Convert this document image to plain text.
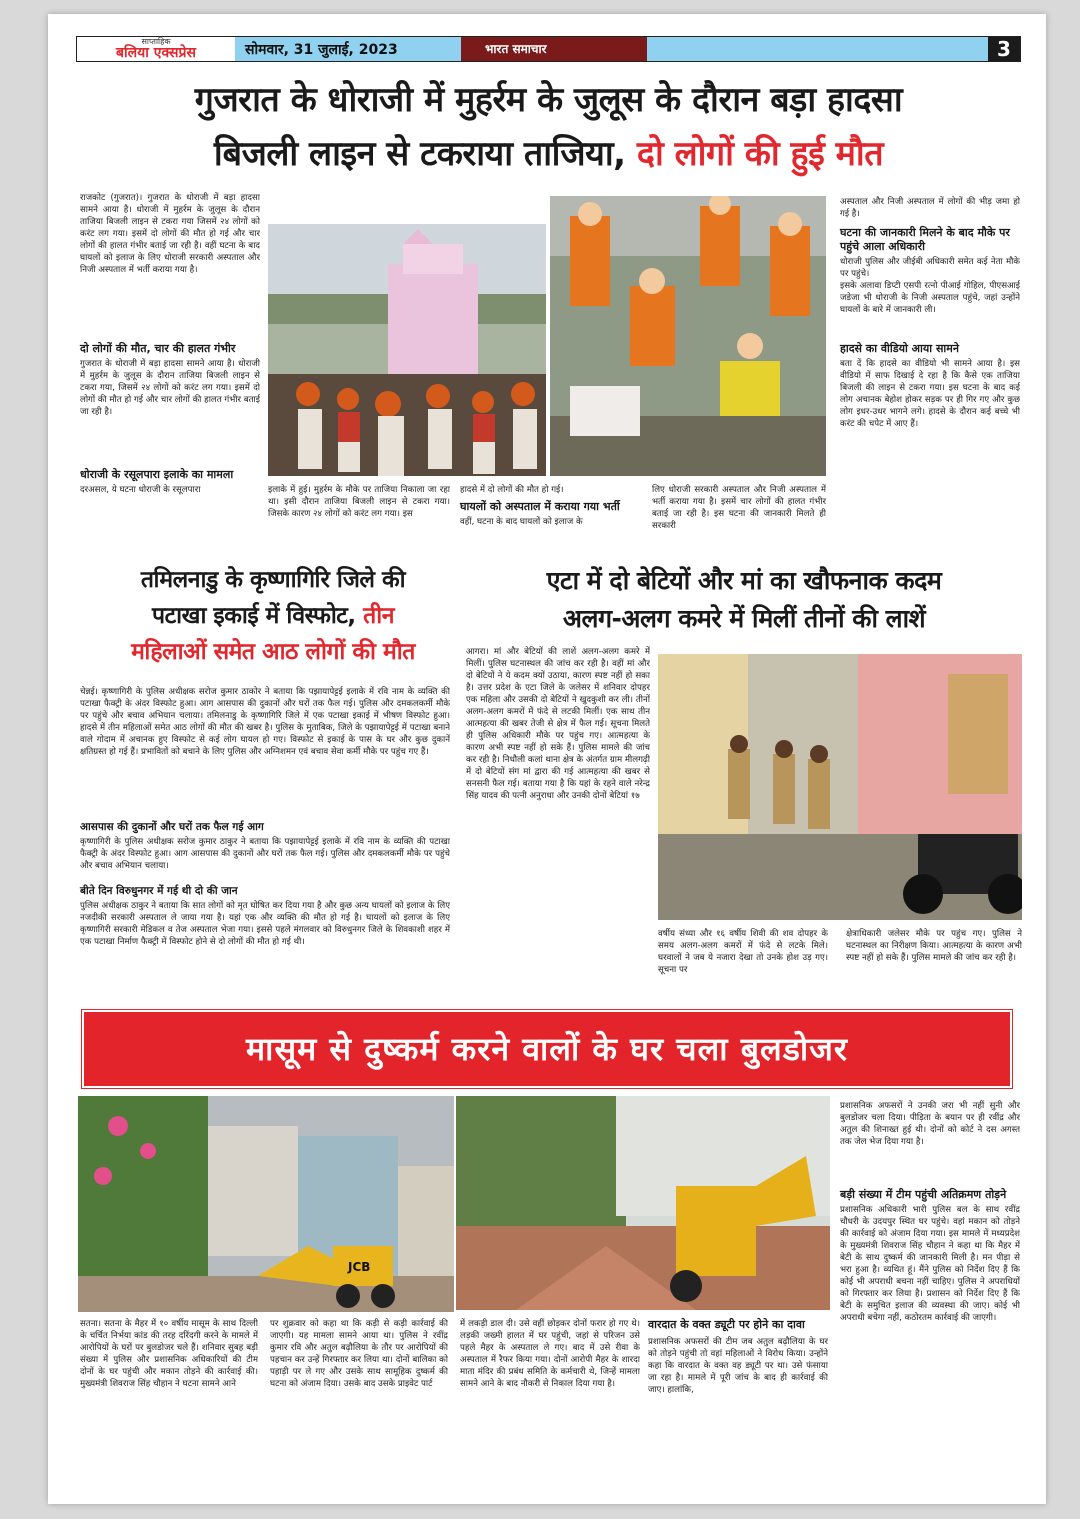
साप्ताहिक
बलिया एक्सप्रेस	सोमवार, 31 जुलाई, 2023	भारत समाचार	3
गुजरात के धोराजी में मुहर्रम के जुलूस के दौरान बड़ा हादसा
बिजली लाइन से टकराया ताजिया, दो लोगों की हुई मौत
राजकोट (गुजरात)। गुजरात के धोराजी में बड़ा हादसा सामने आया है। धोराजी में मुहर्रम के जुलूस के दौरान ताजिया बिजली लाइन से टकरा गया जिसमें २४ लोगों को करंट लग गया। इसमें दो लोगों की मौत हो गई और चार लोगों की हालत गंभीर बताई जा रही है। वहीं घटना के बाद घायलों को इलाज के लिए धोराजी सरकारी अस्पताल और निजी अस्पताल में भर्ती कराया गया है।
दो लोगों की मौत, चार की हालत गंभीर
गुजरात के धोराजी में बड़ा हादसा सामने आया है। धोराजी में मुहर्रम के जुलूस के दौरान ताजिया बिजली लाइन से टकरा गया, जिसमें २४ लोगों को करंट लग गया। इसमें दो लोगों की मौत हो गई और चार लोगों की हालत गंभीर बताई जा रही है।
धोराजी के रसूलपारा इलाके का मामला
दरअसल, ये घटना धोराजी के रसूलपारा	इलाके में हुई। मुहर्रम के मौके पर ताजिया निकाला जा रहा था। इसी दौरान ताजिया बिजली लाइन से टकरा गया। जिसके कारण २४ लोगों को करंट लग गया। इस
हादसे में दो लोगों की मौत हो गई।
घायलों को अस्पताल में कराया गया भर्ती
वहीं, घटना के बाद घायलों को इलाज के
लिए धोराजी सरकारी अस्पताल और निजी अस्पताल में भर्ती कराया गया है। इसमें चार लोगों की हालत गंभीर बताई जा रही है। इस घटना की जानकारी मिलते ही सरकारी
अस्पताल और निजी अस्पताल में लोगों की भीड़ जमा हो गई है।
घटना की जानकारी मिलने के बाद मौके पर पहुंचे आला अधिकारी
धोराजी पुलिस और जीईबी अधिकारी समेत कई नेता मौके पर पहुंचे।
इसके अलावा डिप्टी एसपी रत्नो पीआई गोहिल, पीएसआई जडेजा भी धोराजी के निजी अस्पताल पहुंचे, जहां उन्होंने घायलों के बारे में जानकारी ली।
हादसे का वीडियो आया सामने
बता दें कि हादसे का वीडियो भी सामने आया है। इस वीडियो में साफ दिखाई दे रहा है कि कैसे एक ताजिया बिजली की लाइन से टकरा गया। इस घटना के बाद कई लोग अचानक बेहोश होकर सड़क पर ही गिर गए और कुछ लोग इधर-उधर भागने लगे। हादसे के दौरान कई बच्चे भी करंट की चपेट में आए हैं।
तमिलनाडु के कृष्णागिरि जिले की
पटाखा इकाई में विस्फोट, तीन
महिलाओं समेत आठ लोगों की मौत
चेन्नई। कृष्णागिरी के पुलिस अधीक्षक सरोज कुमार ठाकोर ने बताया कि पझायापेट्टई इलाके में रवि नाम के व्यक्ति की पटाखा फैक्ट्री के अंदर विस्फोट हुआ। आग आसपास की दुकानों और घरों तक फैल गई। पुलिस और दमकलकर्मी मौके पर पहुंचे और बचाव अभियान चलाया। तमिलनाडु के कृष्णागिरि जिले में एक पटाखा इकाई में भीषण विस्फोट हुआ। हादसे में तीन महिलाओं समेत आठ लोगों की मौत की खबर है। पुलिस के मुताबिक, जिले के पझायापेट्टई में पटाखा बनाने वाले गोदाम में अचानक हुए विस्फोट से कई लोग घायल हो गए। विस्फोट से इकाई के पास के घर और कुछ दुकानें क्षतिग्रस्त हो गई हैं। प्रभावितों को बचाने के लिए पुलिस और अग्निशमन एवं बचाव सेवा कर्मी मौके पर पहुंच गए हैं।
आसपास की दुकानों और घरों तक फैल गई आग
कृष्णागिरी के पुलिस अधीक्षक सरोज कुमार ठाकुर ने बताया कि पझायापेट्टई इलाके में रवि नाम के व्यक्ति की पटाखा फैक्ट्री के अंदर विस्फोट हुआ। आग आसपास की दुकानों और घरों तक फैल गई। पुलिस और दमकलकर्मी मौके पर पहुंचे और बचाव अभियान चलाया।
बीते दिन विरुधुनगर में गई थी दो की जान
पुलिस अधीक्षक ठाकुर ने बताया कि सात लोगों को मृत घोषित कर दिया गया है और कुछ अन्य घायलों को इलाज के लिए नजदीकी सरकारी अस्पताल ले जाया गया है। यहां एक और व्यक्ति की मौत हो गई है। घायलों को इलाज के लिए कृष्णागिरी सरकारी मेडिकल व तेज अस्पताल भेजा गया। इससे पहले मंगलवार को विरुधुनगर जिले के शिवकाशी शहर में एक पटाखा निर्माण फैक्ट्री में विस्फोट होने से दो लोगों की मौत हो गई थी।
एटा में दो बेटियों और मां का खौफनाक कदम
अलग-अलग कमरे में मिलीं तीनों की लाशें
आगरा। मां और बेटियों की लाशें अलग-अलग कमरे में मिलीं। पुलिस घटनास्थल की जांच कर रही है। वहीं मां और दो बेटियों ने ये कदम क्यों उठाया, कारण स्पष्ट नहीं हो सका है। उत्तर प्रदेश के एटा जिले के जलेसर में शनिवार दोपहर एक महिला और उसकी दो बेटियों ने खुदकुशी कर ली। तीनों अलग-अलग कमरों में फंदे से लटकी मिलीं। एक साथ तीन आत्महत्या की खबर तेजी से क्षेत्र में फैल गई। सूचना मिलते ही पुलिस अधिकारी मौके पर पहुंच गए। आत्महत्या के कारण अभी स्पष्ट नहीं हो सके हैं। पुलिस मामले की जांच कर रही है। निधौली कलां थाना क्षेत्र के अंतर्गत ग्राम मीलगढ़ी में दो बेटियों संग मां द्वारा की गई आत्महत्या की खबर से सनसनी फैल गई। बताया गया है कि यहां के रहने वाले नरेन्द्र सिंह यादव की पत्नी अनुराधा और उनकी दोनों बेटियां १७
वर्षीय संध्या और १६ वर्षीय शिवी की शव दोपहर के समय अलग-अलग कमरों में फंदे से लटके मिले। घरवालों ने जब ये नजारा देखा तो उनके होश उड़ गए। सूचना पर
क्षेत्राधिकारी जलेसर मौके पर पहुंच गए। पुलिस ने घटनास्थल का निरीक्षण किया। आत्महत्या के कारण अभी स्पष्ट नहीं हो सके हैं। पुलिस मामले की जांच कर रही है।
मासूम से दुष्कर्म करने वालों के घर चला बुलडोजर
JCB
सतना। सतना के मैहर में १० वर्षीय मासूम के साथ दिल्ली के चर्चित निर्भया कांड की तरह दरिंदगी करने के मामले में आरोपियों के घरों पर बुलडोजर चले हैं। शनिवार सुबह बड़ी संख्या में पुलिस और प्रशासनिक अधिकारियों की टीम दोनों के घर पहुंची और मकान तोड़ने की कार्रवाई की। मुख्यमंत्री शिवराज सिंह चौहान ने घटना सामने आने
पर शुक्रवार को कहा था कि कड़ी से कड़ी कार्रवाई की जाएगी। यह मामला सामने आया था। पुलिस ने रवींद्र कुमार रवि और अतुल बढ़ौलिया के तौर पर आरोपियों की पहचान कर उन्हें गिरफ्तार कर लिया था। दोनों बालिका को पहाड़ी पर ले गए और उसके साथ सामूहिक दुष्कर्म की घटना को अंजाम दिया। उसके बाद उसके प्राइवेट पार्ट
में लकड़ी डाल दी। उसे वहीं छोड़कर दोनों फरार हो गए थे। लड़की जख्मी हालत में घर पहुंची, जहां से परिजन उसे पहले मैहर के अस्पताल ले गए। बाद में उसे रीवा के अस्पताल में रैफर किया गया। दोनों आरोपी मैहर के शारदा माता मंदिर की प्रबंध समिति के कर्मचारी थे, जिन्हें मामला सामने आने के बाद नौकरी से निकाल दिया गया है।
वारदात के वक्त ड्यूटी पर होने का दावा
प्रशासनिक अफसरों की टीम जब अतुल बढ़ौलिया के घर को तोड़ने पहुंची तो वहां महिलाओं ने विरोध किया। उन्होंने कहा कि वारदात के वक्त वह ड्यूटी पर था। उसे फंसाया जा रहा है। मामले में पूरी जांच के बाद ही कार्रवाई की जाए। हालांकि,
प्रशासनिक अफसरों ने उनकी जरा भी नहीं सुनी और बुलडोजर चला दिया। पीड़िता के बयान पर ही रवींद्र और अतुल की शिनाख्त हुई थी। दोनों को कोर्ट ने दस अगस्त तक जेल भेज दिया गया है।
बड़ी संख्या में टीम पहुंची अतिक्रमण तोड़ने
प्रशासनिक अधिकारी भारी पुलिस बल के साथ रवींद्र चौधरी के उदयपुर स्थित घर पहुंचे। वहां मकान को तोड़ने की कार्रवाई को अंजाम दिया गया। इस मामले में मध्यप्रदेश के मुख्यमंत्री शिवराज सिंह चौहान ने कहा था कि मैहर में बेटी के साथ दुष्कर्म की जानकारी मिली है। मन पीड़ा से भरा हुआ है। व्यथित हूं। मैंने पुलिस को निर्देश दिए हैं कि कोई भी अपराधी बचना नहीं चाहिए। पुलिस ने अपराधियों को गिरफ्तार कर लिया है। प्रशासन को निर्देश दिए हैं कि बेटी के समुचित इलाज की व्यवस्था की जाए। कोई भी अपराधी बचेगा नहीं, कठोरतम कार्रवाई की जाएगी।
